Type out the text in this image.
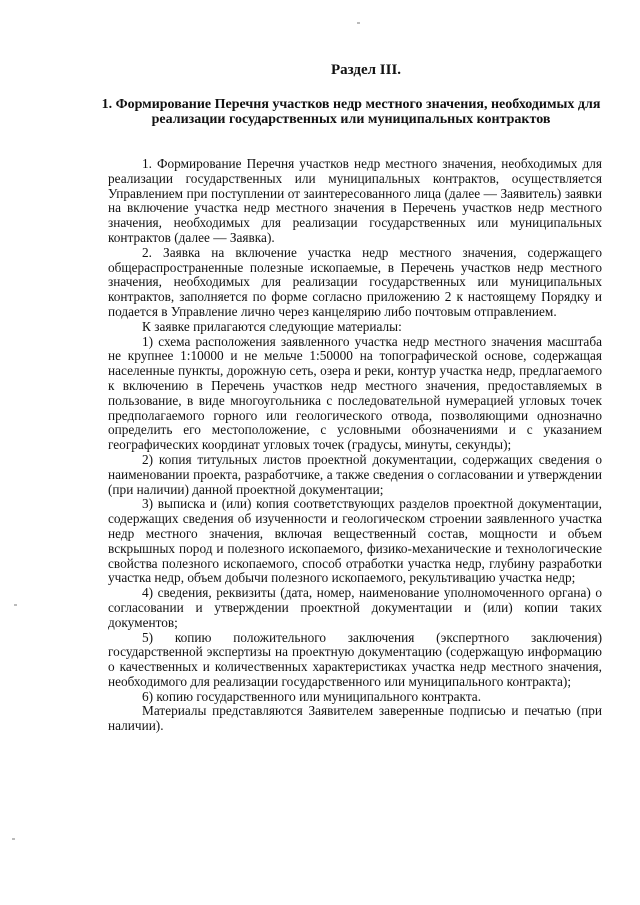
Раздел III.
1. Формирование Перечня участков недр местного значения, необходимых для реализации государственных или муниципальных контрактов

1. Формирование Перечня участков недр местного значения, необходимых для реализации государственных или муниципальных контрактов, осуществляется Управлением при поступлении от заинтересованного лица (далее — Заявитель) заявки на включение участка недр местного значения в Перечень участков недр местного значения, необходимых для реализации государственных или муниципальных контрактов (далее — Заявка).

2. Заявка на включение участка недр местного значения, содержащего общераспространенные полезные ископаемые, в Перечень участков недр местного значения, необходимых для реализации государственных или муниципальных контрактов, заполняется по форме согласно приложению 2 к настоящему Порядку и подается в Управление лично через канцелярию либо почтовым отправлением.

К заявке прилагаются следующие материалы:

1) схема расположения заявленного участка недр местного значения масштаба не крупнее 1:10000 и не мельче 1:50000 на топографической основе, содержащая населенные пункты, дорожную сеть, озера и реки, контур участка недр, предлагаемого к включению в Перечень участков недр местного значения, предоставляемых в пользование, в виде многоугольника с последовательной нумерацией угловых точек предполагаемого горного или геологического отвода, позволяющими однозначно определить его местоположение, с условными обозначениями и с указанием географических координат угловых точек (градусы, минуты, секунды);

2) копия титульных листов проектной документации, содержащих сведения о наименовании проекта, разработчике, а также сведения о согласовании и утверждении (при наличии) данной проектной документации;

3) выписка и (или) копия соответствующих разделов проектной документации, содержащих сведения об изученности и геологическом строении заявленного участка недр местного значения, включая вещественный состав, мощности и объем вскрышных пород и полезного ископаемого, физико-механические и технологические свойства полезного ископаемого, способ отработки участка недр, глубину разработки участка недр, объем добычи полезного ископаемого, рекультивацию участка недр;

4) сведения, реквизиты (дата, номер, наименование уполномоченного органа) о согласовании и утверждении проектной документации и (или) копии таких документов;

5) копию положительного заключения (экспертного заключения) государственной экспертизы на проектную документацию (содержащую информацию о качественных и количественных характеристиках участка недр местного значения, необходимого для реализации государственного или муниципального контракта);

6) копию государственного или муниципального контракта.

Материалы представляются Заявителем заверенные подписью и печатью (при наличии).
